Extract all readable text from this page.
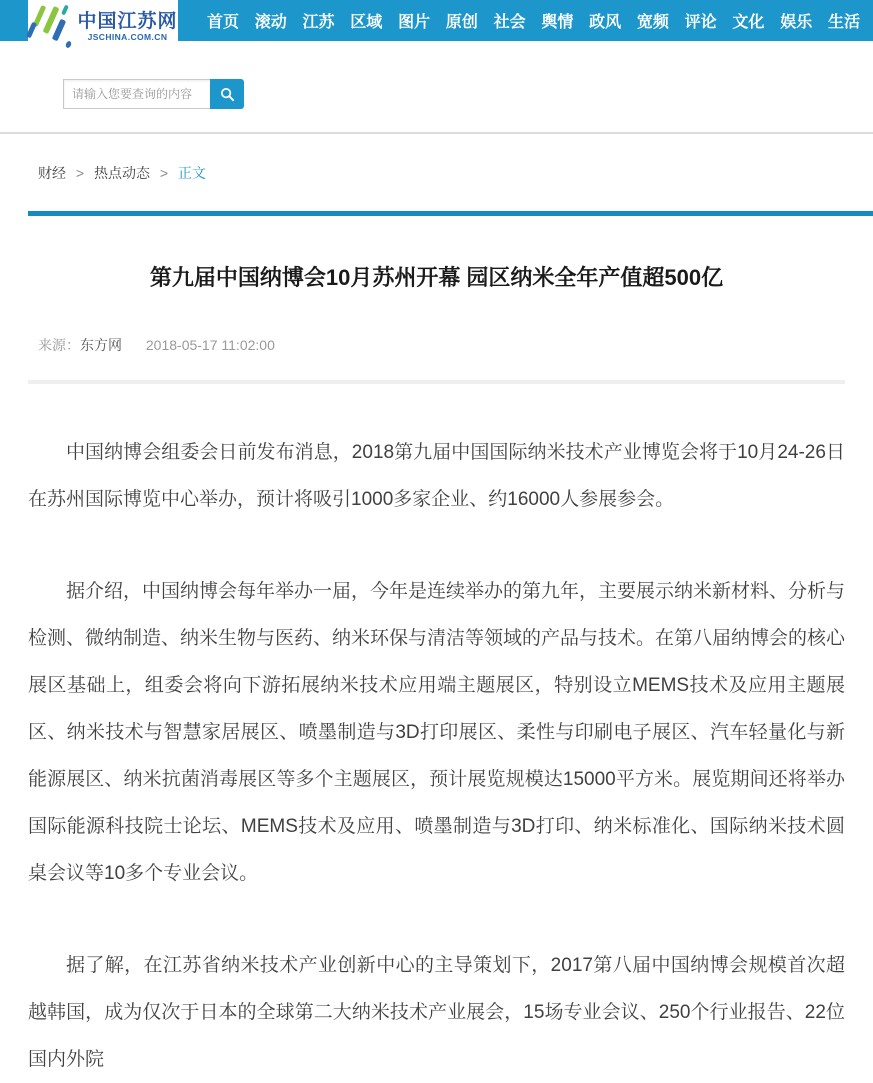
中国江苏网
JSCHINA.COM.CN
首页 滚动 江苏 区域 图片 原创 社会 舆情 政风 宽频 评论 文化 娱乐 生活
请输入您要查询的内容
财经 > 热点动态 > 正文
第九届中国纳博会10月苏州开幕 园区纳米全年产值超500亿
来源：东方网 2018-05-17 11:02:00

中国纳博会组委会日前发布消息，2018第九届中国国际纳米技术产业博览会将于10月24-26日在苏州国际博览中心举办，预计将吸引1000多家企业、约16000人参展参会。

据介绍，中国纳博会每年举办一届，今年是连续举办的第九年，主要展示纳米新材料、分析与检测、微纳制造、纳米生物与医药、纳米环保与清洁等领域的产品与技术。在第八届纳博会的核心展区基础上，组委会将向下游拓展纳米技术应用端主题展区，特别设立MEMS技术及应用主题展区、纳米技术与智慧家居展区、喷墨制造与3D打印展区、柔性与印刷电子展区、汽车轻量化与新能源展区、纳米抗菌消毒展区等多个主题展区，预计展览规模达15000平方米。展览期间还将举办国际能源科技院士论坛、MEMS技术及应用、喷墨制造与3D打印、纳米标准化、国际纳米技术圆桌会议等10多个专业会议。

据了解，在江苏省纳米技术产业创新中心的主导策划下，2017第八届中国纳博会规模首次超越韩国，成为仅次于日本的全球第二大纳米技术产业展会，15场专业会议、250个行业报告、22位国内外院
